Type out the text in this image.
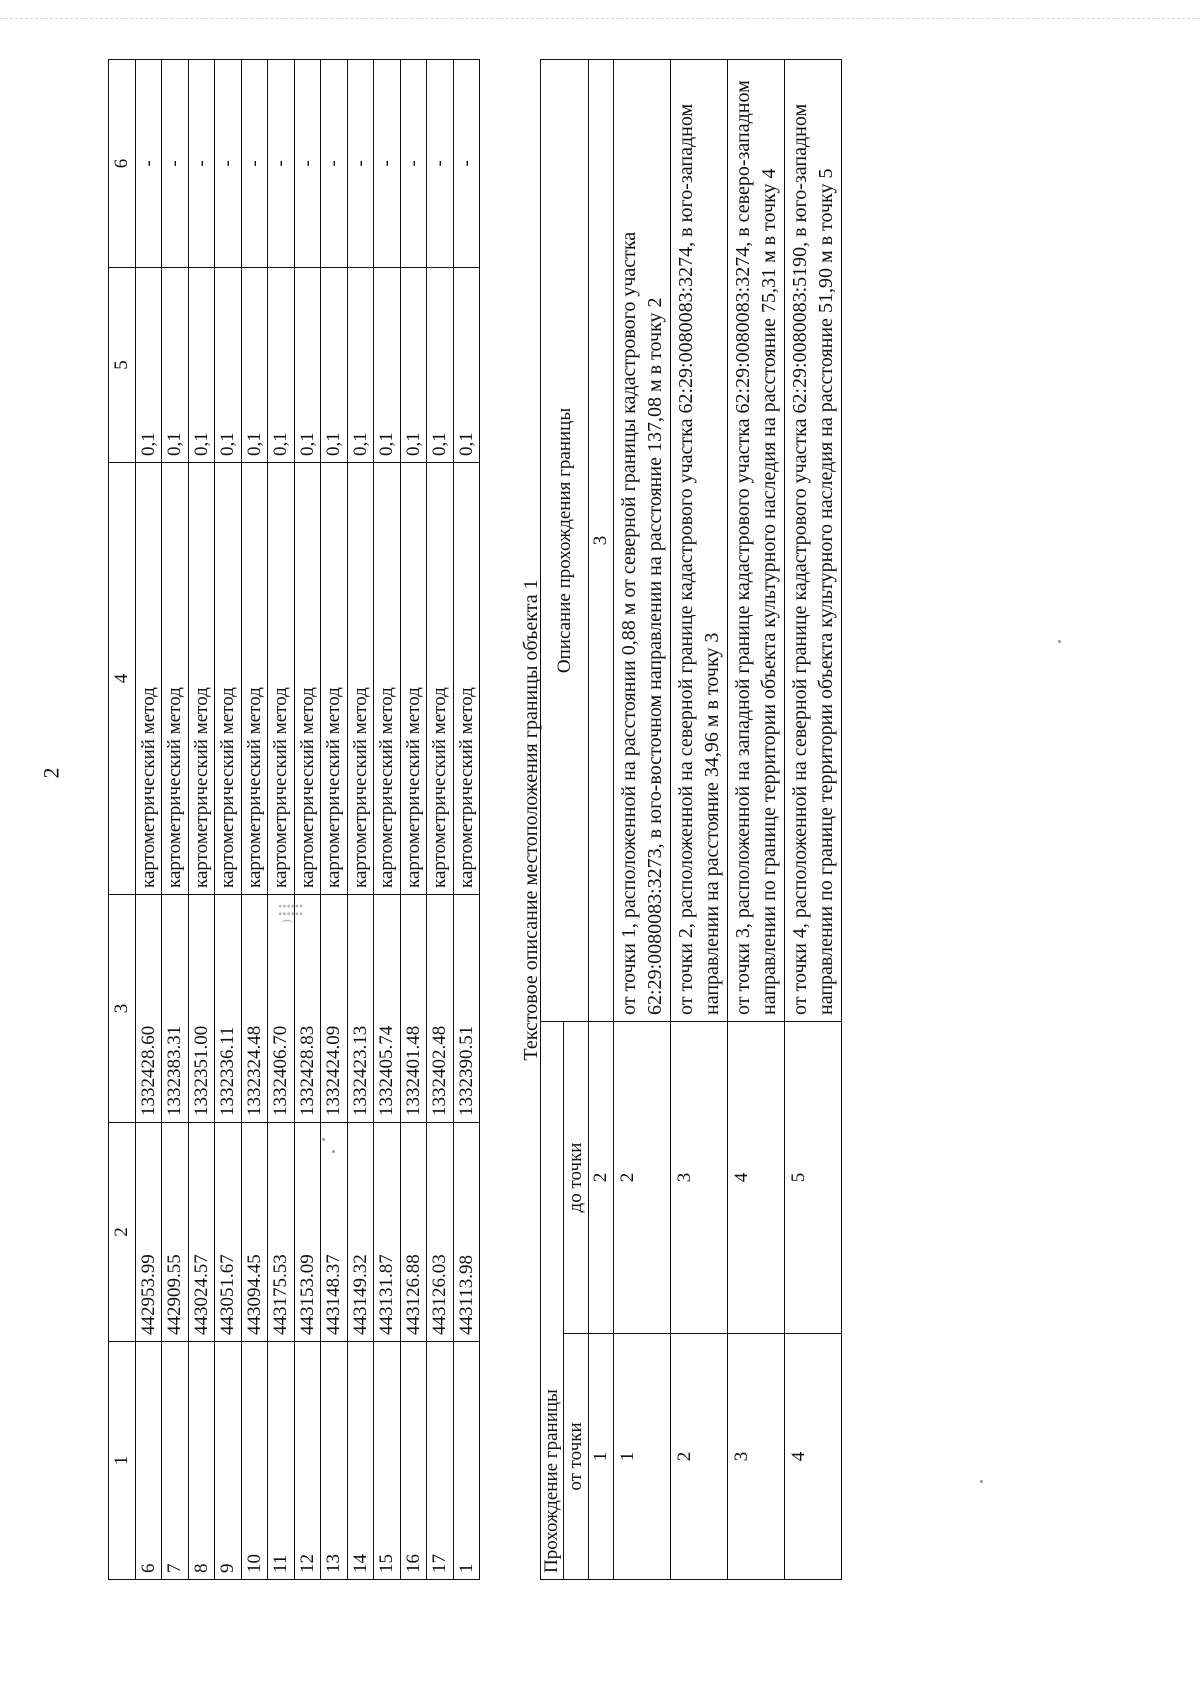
2
1	2	3	4	5	6
6	442953.99	1332428.60	картометрический метод	0,1	-
7	442909.55	1332383.31	картометрический метод	0,1	-
8	443024.57	1332351.00	картометрический метод	0,1	-
9	443051.67	1332336.11	картометрический метод	0,1	-
10	443094.45	1332324.48	картометрический метод	0,1	-
11	443175.53	1332406.70	картометрический метод	0,1	-
12	443153.09	1332428.83	картометрический метод	0,1	-
13	443148.37	1332424.09	картометрический метод	0,1	-
14	443149.32	1332423.13	картометрический метод	0,1	-
15	443131.87	1332405.74	картометрический метод	0,1	-
16	443126.88	1332401.48	картометрический метод	0,1	-
17	443126.03	1332402.48	картометрический метод	0,1	-
1	443113.98	1332390.51	картометрический метод	0,1	-
Текстовое описание местоположения границы объекта 1
Прохождение границы		Описание прохождения границы
от точки	до точки	
1	2	3
1	2	от точки 1, расположенной на расстоянии 0,88 м от северной границы кадастрового участка 62:29:0080083:3273, в юго-восточном направлении на расстояние 137,08 м в точку 2
2	3	от точки 2, расположенной на северной границе кадастрового участка 62:29:0080083:3274, в юго-западном направлении на расстояние 34,96 м в точку 3
3	4	от точки 3, расположенной на западной границе кадастрового участка 62:29:0080083:3274, в северо-западном направлении по границе территории объекта культурного наследия на расстояние 75,31 м в точку 4
4	5	от точки 4, расположенной на северной границе кадастрового участка 62:29:0080083:5190, в юго-западном направлении по границе территории объекта культурного наследия на расстояние 51,90 м в точку 5
⁾⸽⸽
